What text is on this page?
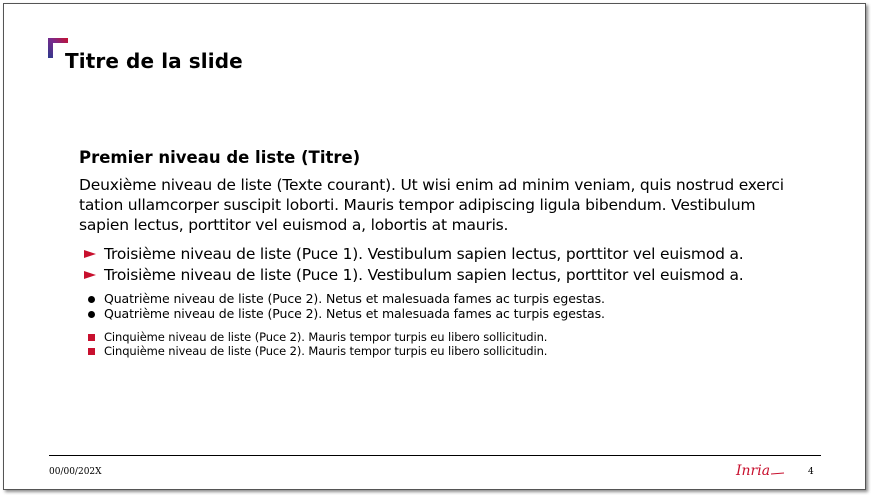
Titre de la slide
Premier niveau de liste (Titre)
Deuxième niveau de liste (Texte courant). Ut wisi enim ad minim veniam, quis nostrud exerci tation ullamcorper suscipit loborti. Mauris tempor adipiscing ligula bibendum. Vestibulum sapien lectus, porttitor vel euismod a, lobortis at mauris.
Troisième niveau de liste (Puce 1). Vestibulum sapien lectus, porttitor vel euismod a.
Troisième niveau de liste (Puce 1). Vestibulum sapien lectus, porttitor vel euismod a.
Quatrième niveau de liste (Puce 2). Netus et malesuada fames ac turpis egestas.
Quatrième niveau de liste (Puce 2). Netus et malesuada fames ac turpis egestas.
Cinquième niveau de liste (Puce 2). Mauris tempor turpis eu libero sollicitudin.
Cinquième niveau de liste (Puce 2). Mauris tempor turpis eu libero sollicitudin.
00/00/202X	Inria	4
